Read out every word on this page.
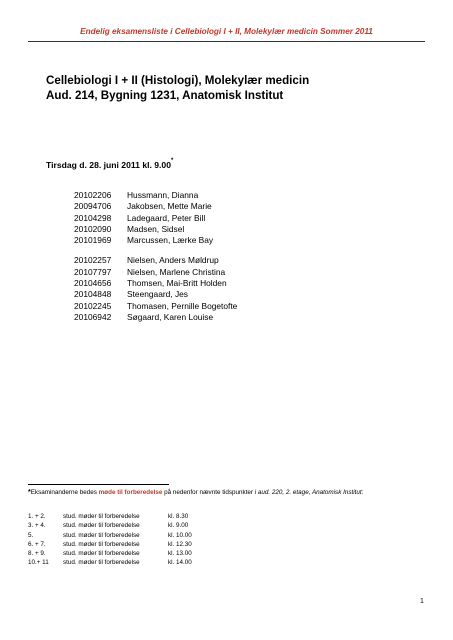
Endelig eksamensliste i Cellebiologi I + II, Molekylær medicin Sommer 2011
Cellebiologi I + II (Histologi), Molekylær medicin
Aud. 214, Bygning 1231, Anatomisk Institut
Tirsdag d. 28. juni 2011 kl. 9.00*
20102206	Hussmann, Dianna
20094706	Jakobsen, Mette Marie
20104298	Ladegaard, Peter Bill
20102090	Madsen, Sidsel
20101969	Marcussen, Lærke Bay
20102257	Nielsen, Anders Møldrup
20107797	Nielsen, Marlene Christina
20104656	Thomsen, Mai-Britt Holden
20104848	Steengaard, Jes
20102245	Thomasen, Pernille Bogetofte
20106942	Søgaard, Karen Louise
*Eksaminanderne bedes møde til forberedelse på nedenfor nævnte tidspunkter i aud. 220, 2. etage, Anatomisk Institut:
1. + 2.	stud. møder til forberedelse	kl. 8.30
3. + 4.	stud. møder til forberedelse	kl. 9.00
5.	stud. møder til forberedelse	kl. 10.00
6. + 7.	stud. møder til forberedelse	kl. 12.30
8. + 9.	stud. møder til forberedelse	kl. 13.00
10.+ 11	stud. møder til forberedelse	kl. 14.00
1
